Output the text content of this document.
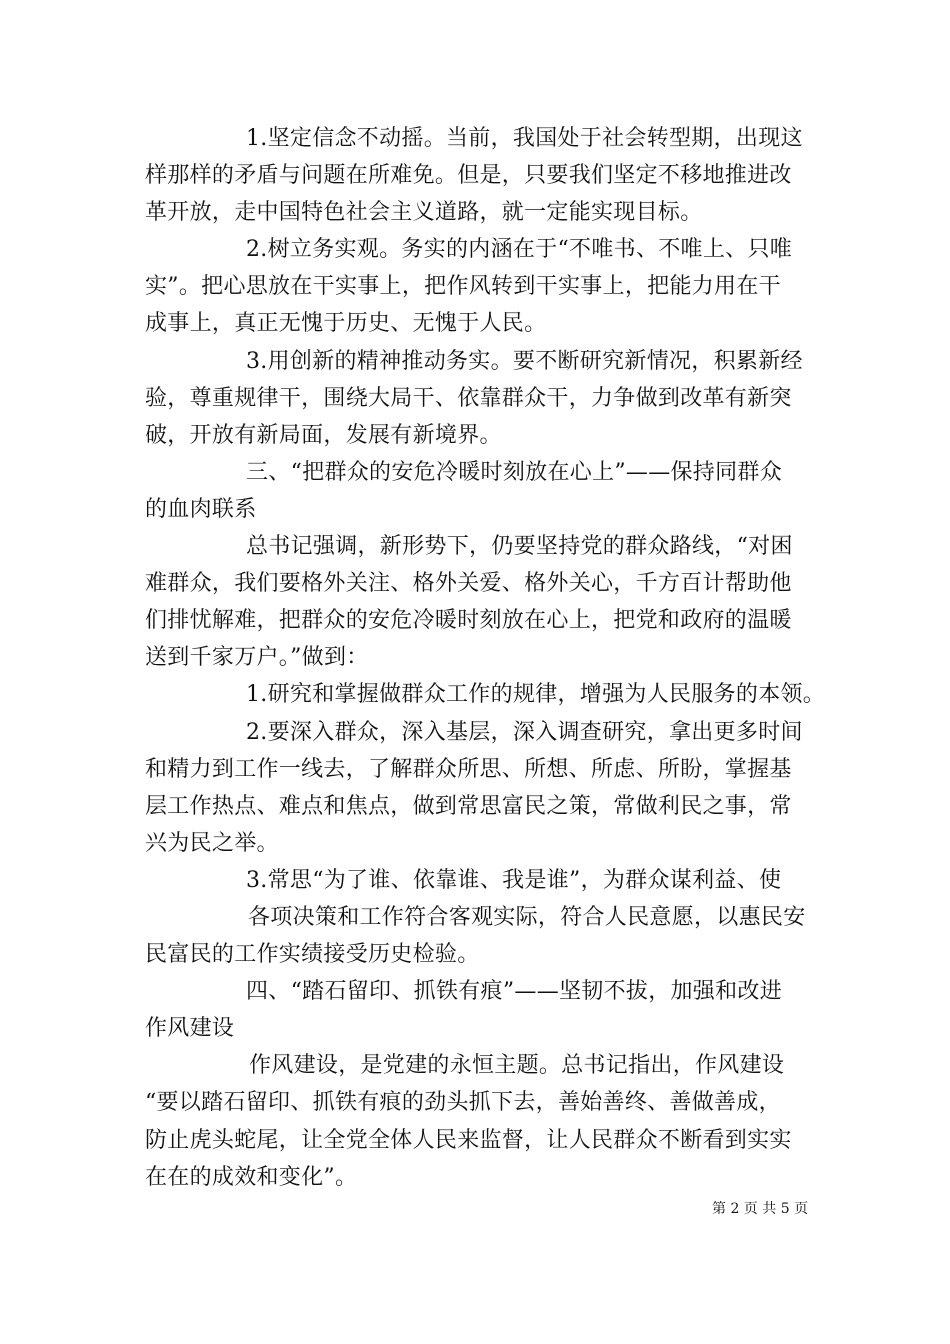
1.坚定信念不动摇。当前，我国处于社会转型期，出现这
样那样的矛盾与问题在所难免。但是，只要我们坚定不移地推进改
革开放，走中国特色社会主义道路，就一定能实现目标。
2.树立务实观。务实的内涵在于“不唯书、不唯上、只唯
实”。把心思放在干实事上，把作风转到干实事上，把能力用在干
成事上，真正无愧于历史、无愧于人民。
3.用创新的精神推动务实。要不断研究新情况，积累新经
验，尊重规律干，围绕大局干、依靠群众干，力争做到改革有新突
破，开放有新局面，发展有新境界。
三、“把群众的安危冷暖时刻放在心上”——保持同群众
的血肉联系
总书记强调，新形势下，仍要坚持党的群众路线，“对困
难群众，我们要格外关注、格外关爱、格外关心，千方百计帮助他
们排忧解难，把群众的安危冷暖时刻放在心上，把党和政府的温暖
送到千家万户。”做到：
1.研究和掌握做群众工作的规律，增强为人民服务的本领。
2.要深入群众，深入基层，深入调查研究，拿出更多时间
和精力到工作一线去，了解群众所思、所想、所虑、所盼，掌握基
层工作热点、难点和焦点，做到常思富民之策，常做利民之事，常
兴为民之举。
3.常思“为了谁、依靠谁、我是谁”，为群众谋利益、使
各项决策和工作符合客观实际，符合人民意愿，以惠民安
民富民的工作实绩接受历史检验。
四、“踏石留印、抓铁有痕”——坚韧不拔，加强和改进
作风建设
作风建设，是党建的永恒主题。总书记指出，作风建设
“要以踏石留印、抓铁有痕的劲头抓下去，善始善终、善做善成，
防止虎头蛇尾，让全党全体人民来监督，让人民群众不断看到实实
在在的成效和变化”。
第 2 页 共 5 页
